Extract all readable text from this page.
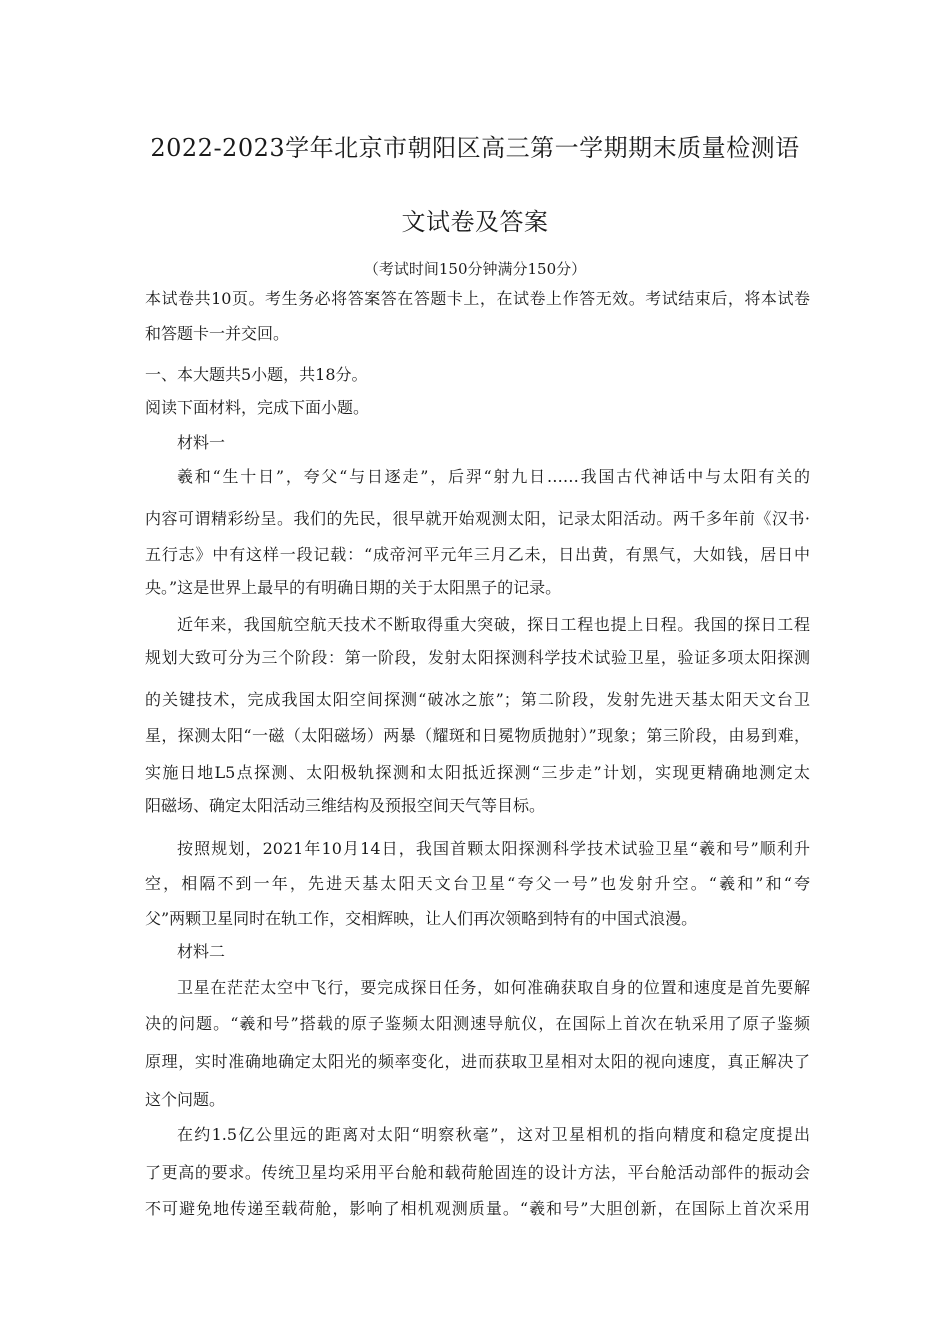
2022-2023学年北京市朝阳区高三第一学期期末质量检测语
文试卷及答案
（考试时间150分钟满分150分）
本试卷共10页。考生务必将答案答在答题卡上，在试卷上作答无效。考试结束后，将本试卷
和答题卡一并交回。
一、本大题共5小题，共18分。
阅读下面材料，完成下面小题。
材料一
羲和“生十日”，夸父“与日逐走”，后羿“射九日……我国古代神话中与太阳有关的
内容可谓精彩纷呈。我们的先民，很早就开始观测太阳，记录太阳活动。两千多年前《汉书·
五行志》中有这样一段记载：“成帝河平元年三月乙未，日出黄，有黑气，大如钱，居日中
央。”这是世界上最早的有明确日期的关于太阳黑子的记录。
近年来，我国航空航天技术不断取得重大突破，探日工程也提上日程。我国的探日工程
规划大致可分为三个阶段：第一阶段，发射太阳探测科学技术试验卫星，验证多项太阳探测
的关键技术，完成我国太阳空间探测“破冰之旅”；第二阶段，发射先进天基太阳天文台卫
星，探测太阳“一磁（太阳磁场）两暴（耀斑和日冕物质抛射）”现象；第三阶段，由易到难，
实施日地L5点探测、太阳极轨探测和太阳抵近探测“三步走”计划，实现更精确地测定太
阳磁场、确定太阳活动三维结构及预报空间天气等目标。
按照规划，2021年10月14日，我国首颗太阳探测科学技术试验卫星“羲和号”顺利升
空，相隔不到一年，先进天基太阳天文台卫星“夸父一号”也发射升空。“羲和”和“夸
父”两颗卫星同时在轨工作，交相辉映，让人们再次领略到特有的中国式浪漫。
材料二
卫星在茫茫太空中飞行，要完成探日任务，如何准确获取自身的位置和速度是首先要解
决的问题。“羲和号”搭载的原子鉴频太阳测速导航仪，在国际上首次在轨采用了原子鉴频
原理，实时准确地确定太阳光的频率变化，进而获取卫星相对太阳的视向速度，真正解决了
这个问题。
在约1.5亿公里远的距离对太阳“明察秋毫”，这对卫星相机的指向精度和稳定度提出
了更高的要求。传统卫星均采用平台舱和载荷舱固连的设计方法，平台舱活动部件的振动会
不可避免地传递至载荷舱，影响了相机观测质量。“羲和号”大胆创新，在国际上首次采用
